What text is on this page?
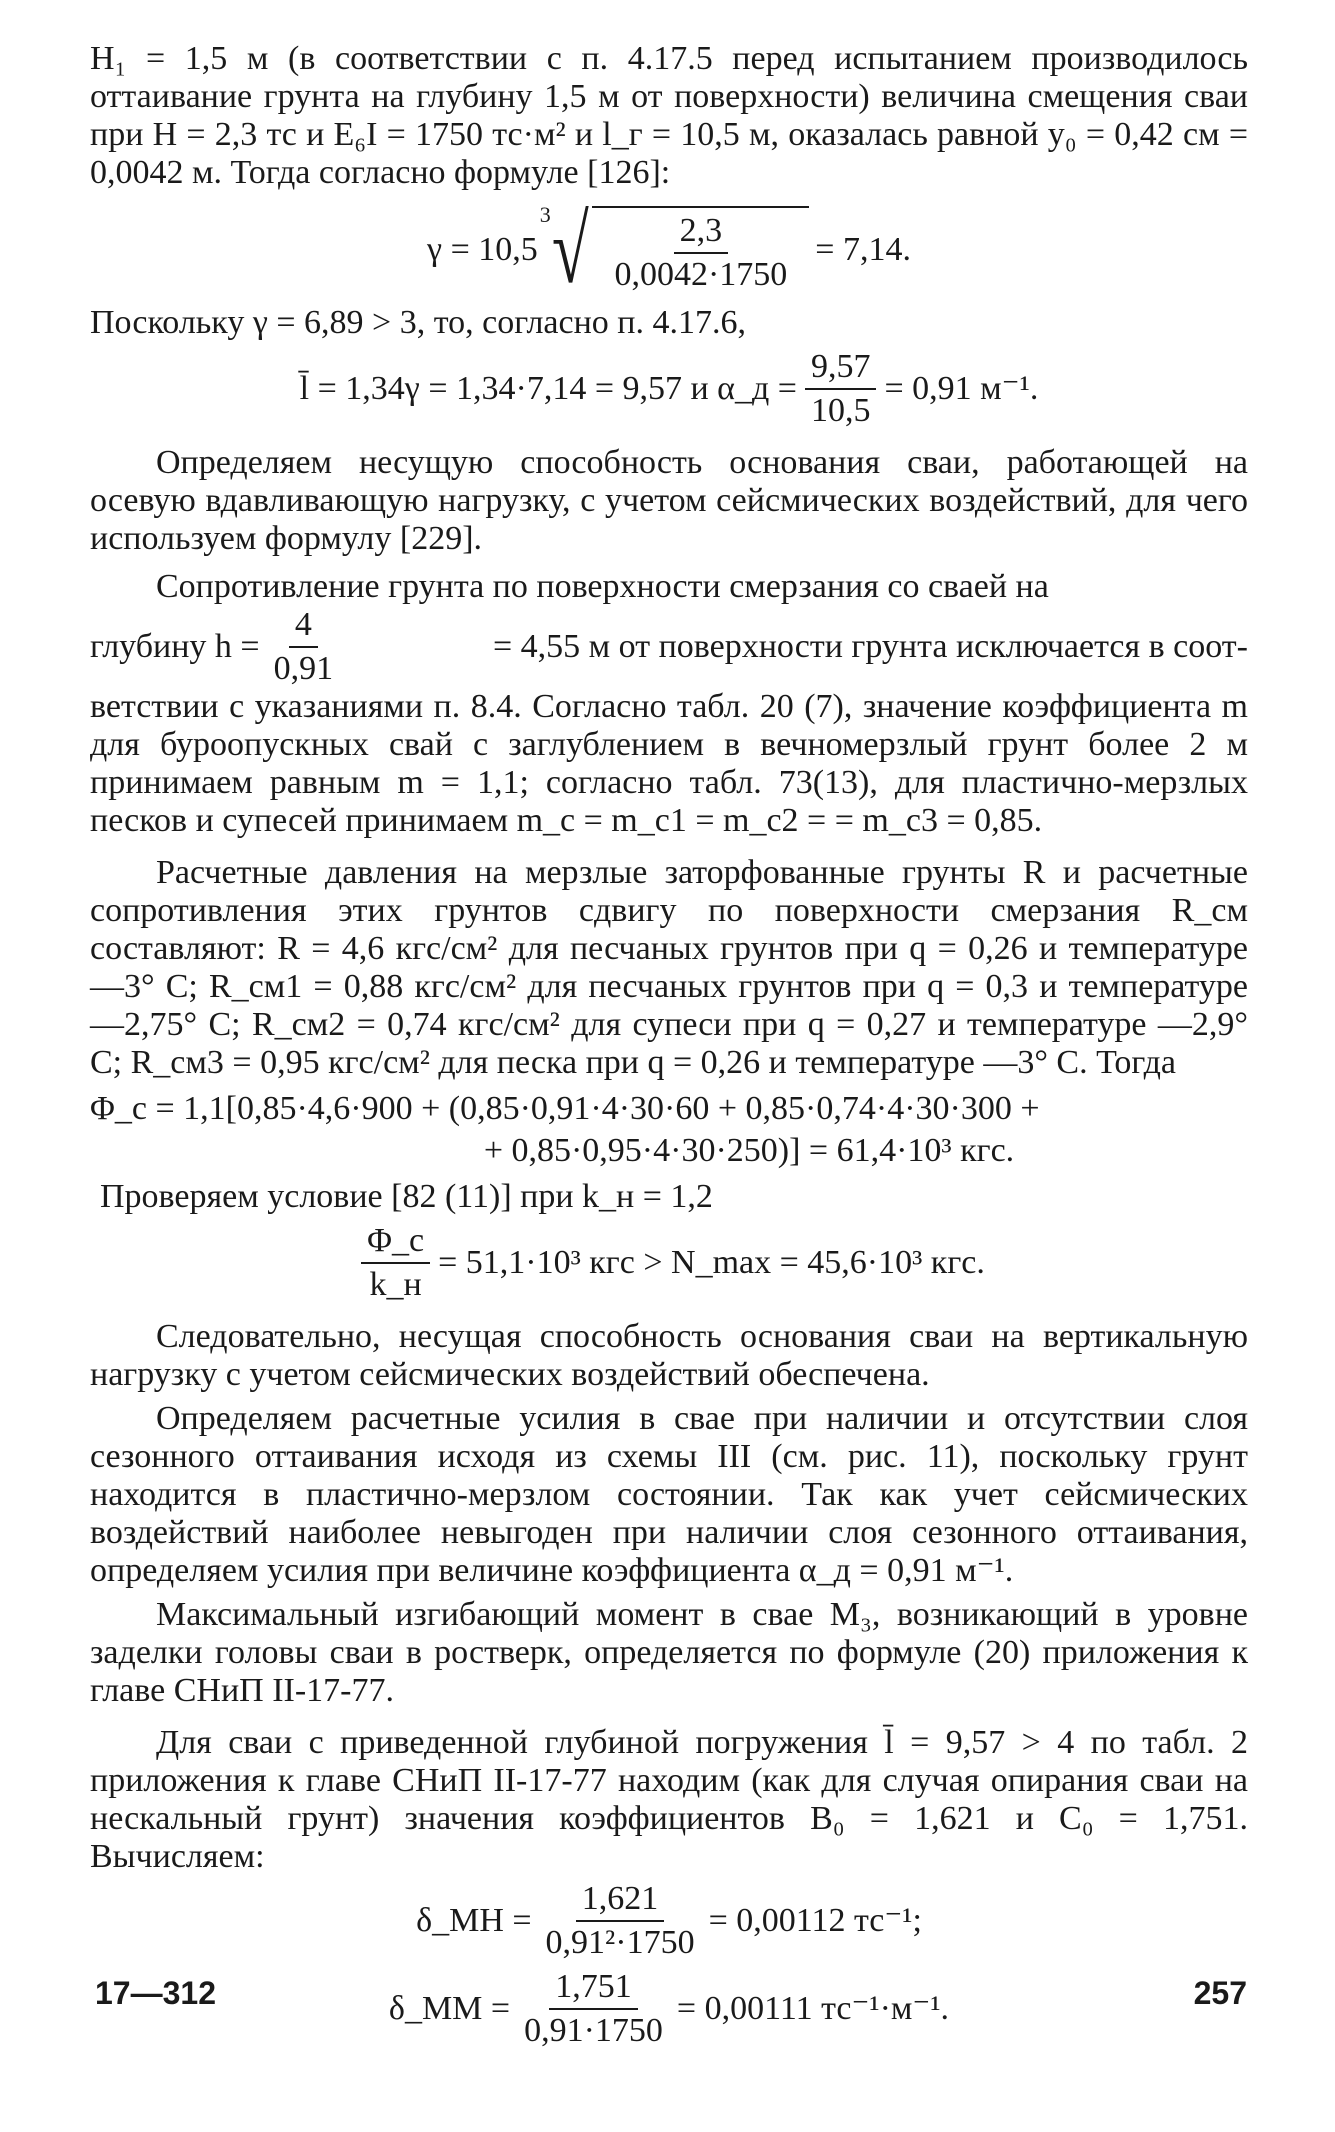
H₁ = 1,5 м (в соответствии с п. 4.17.5 перед испытанием производилось оттаивание грунта на глубину 1,5 м от поверхности) величина смещения сваи при H = 2,3 тс и E₆I = 1750 тс·м² и l_г = 10,5 м, оказалась равной y₀ = 0,42 см = 0,0042 м. Тогда согласно формуле [126]:

γ = 10,5
3 √ $\frac{2,3}{0,0042\cdot 1750} = 7,14$.

Поскольку γ = 6,89 > 3, то, согласно п. 4.17.6,

l̄ = 1,34γ = 1,34·7,14 = 9,57 и α_д = $\frac{9,57}{10,5} = 0,91$ м⁻¹.

Определяем несущую способность основания сваи, работающей на осевую вдавливающую нагрузку, с учетом сейсмических воздействий, для чего используем формулу [229].

Сопротивление грунта по поверхности смерзания со сваей на

глубину $h = \frac{4}{0,91}$	= 4,55 м от поверхности грунта исключается в соот-

ветствии с указаниями п. 8.4. Согласно табл. 20 (7), значение коэффициента m для буроопускных свай с заглублением в вечномерзлый грунт более 2 м принимаем равным m = 1,1; согласно табл. 73(13), для пластично-мерзлых песков и супесей принимаем m_c = m_c1 = m_c2 = = m_c3 = 0,85.

Расчетные давления на мерзлые заторфованные грунты R и расчетные сопротивления этих грунтов сдвигу по поверхности смерзания R_см составляют: R = 4,6 кгс/см² для песчаных грунтов при q = 0,26 и температуре —3° С; R_см1 = 0,88 кгс/см² для песчаных грунтов при q = 0,3 и температуре —2,75° С; R_см2 = 0,74 кгс/см² для супеси при q = 0,27 и температуре —2,9° С; R_см3 = 0,95 кгс/см² для песка при q = 0,26 и температуре —3° С. Тогда

Φ_c = 1,1[0,85·4,6·900 + (0,85·0,91·4·30·60 + 0,85·0,74·4·30·300 +

+ 0,85·0,95·4·30·250)] = 61,4·10³ кгс.

Проверяем условие [82 (11)] при k_н = 1,2

$\frac{\Phi\_c}{k\_н} = 51,1\cdot 10^3$ кгс > N_max = 45,6·10³ кгс.

Следовательно, несущая способность основания сваи на вертикальную нагрузку с учетом сейсмических воздействий обеспечена.

Определяем расчетные усилия в свае при наличии и отсутствии слоя сезонного оттаивания исходя из схемы III (см. рис. 11), поскольку грунт находится в пластично-мерзлом состоянии. Так как учет сейсмических воздействий наиболее невыгоден при наличии слоя сезонного оттаивания, определяем усилия при величине коэффициента α_д = 0,91 м⁻¹.

Максимальный изгибающий момент в свае M₃, возникающий в уровне заделки головы сваи в ростверк, определяется по формуле (20) приложения к главе СНиП II-17-77.

Для сваи с приведенной глубиной погружения l̄ = 9,57 > 4 по табл. 2 приложения к главе СНиП II-17-77 находим (как для случая опирания сваи на нескальный грунт) значения коэффициентов B₀ = 1,621 и C₀ = 1,751. Вычисляем:

δ_MH = $\frac{1,621}{\text{0,91²·1750}} = 0,00112$ тс⁻¹;
δ_MM = $\frac{1,751}{0,91\cdot 1750} = 0,00111$ тс⁻¹·м⁻¹.
17—312	257
